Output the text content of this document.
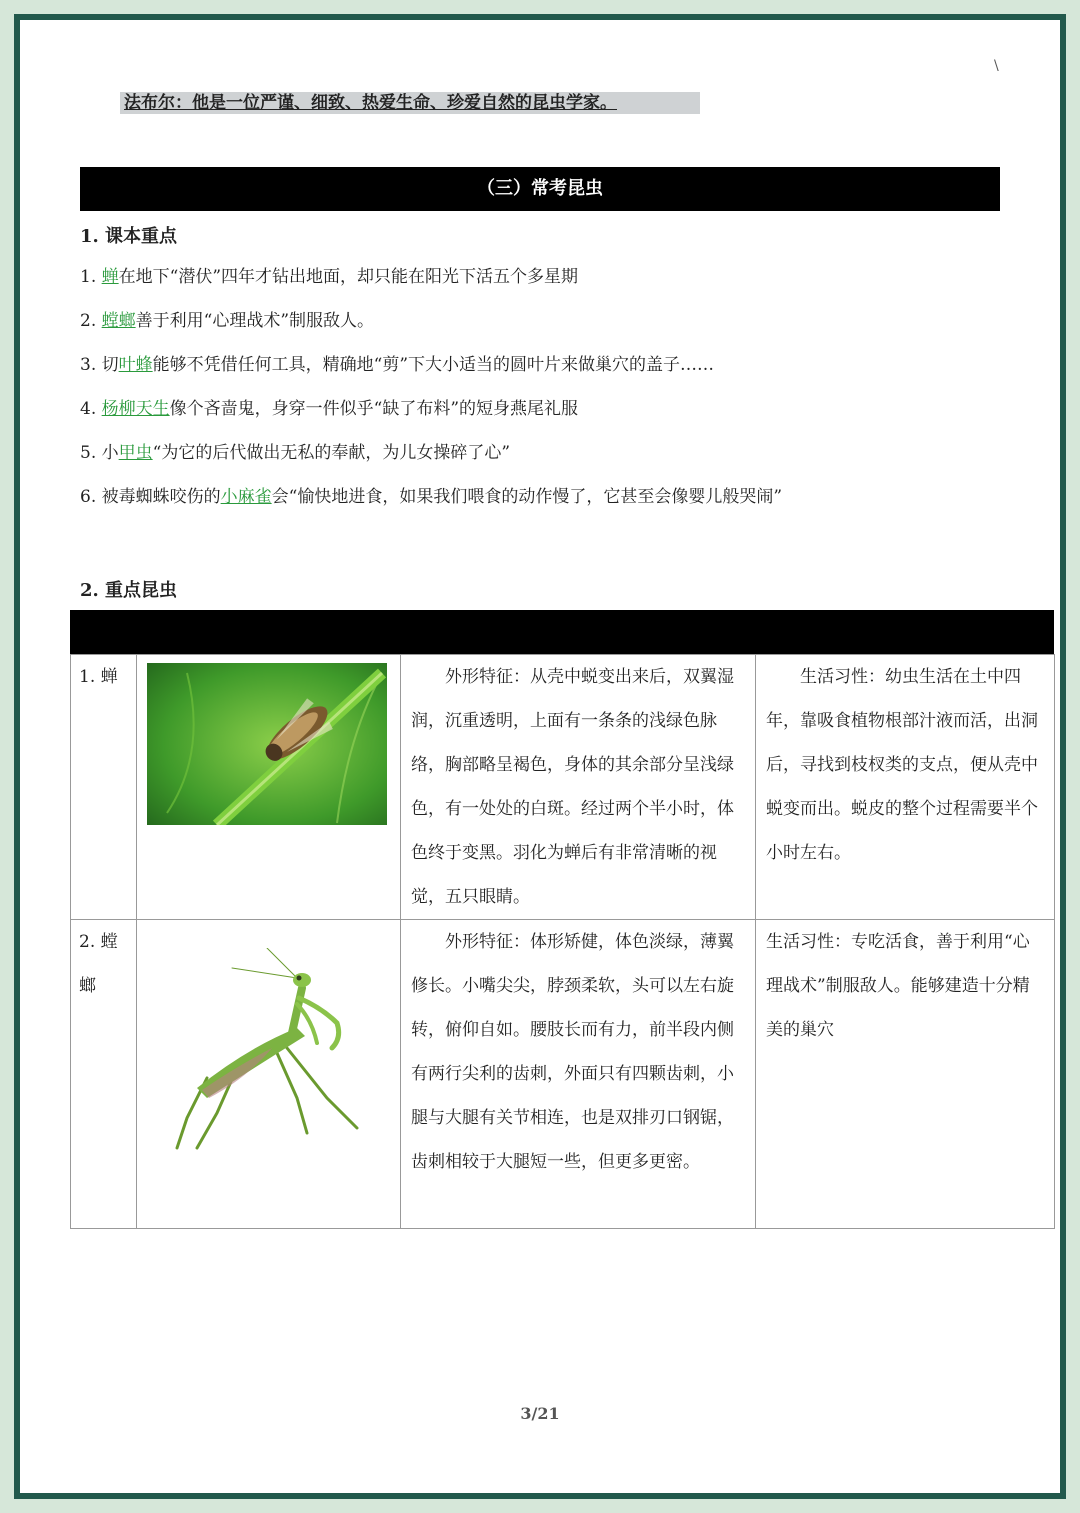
\
法布尔：他是一位严谨、细致、热爱生命、珍爱自然的昆虫学家。
（三）常考昆虫
1. 课本重点
1. 蝉在地下“潜伏”四年才钻出地面，却只能在阳光下活五个多星期
2. 螳螂善于利用“心理战术”制服敌人。
3. 切叶蜂能够不凭借任何工具，精确地“剪”下大小适当的圆叶片来做巢穴的盖子……
4. 杨柳天生像个吝啬鬼，身穿一件似乎“缺了布料”的短身燕尾礼服
5. 小甲虫“为它的后代做出无私的奉献，为儿女操碎了心”
6. 被毒蜘蛛咬伤的小麻雀会“愉快地进食，如果我们喂食的动作慢了，它甚至会像婴儿般哭闹”
2. 重点昆虫
1. 蝉		外形特征：从壳中蜕变出来后，双翼湿润，沉重透明，上面有一条条的浅绿色脉络，胸部略呈褐色，身体的其余部分呈浅绿色，有一处处的白斑。经过两个半小时，体色终于变黑。羽化为蝉后有非常清晰的视觉，五只眼睛。	生活习性：幼虫生活在土中四年，靠吸食植物根部汁液而活，出洞后，寻找到枝杈类的支点，便从壳中蜕变而出。蜕皮的整个过程需要半个小时左右。
2. 螳螂		外形特征：体形矫健，体色淡绿，薄翼修长。小嘴尖尖，脖颈柔软，头可以左右旋转，俯仰自如。腰肢长而有力，前半段内侧有两行尖利的齿刺，外面只有四颗齿刺，小腿与大腿有关节相连，也是双排刃口钢锯，齿刺相较于大腿短一些，但更多更密。	生活习性：专吃活食，善于利用“心理战术”制服敌人。能够建造十分精美的巢穴
3/21
